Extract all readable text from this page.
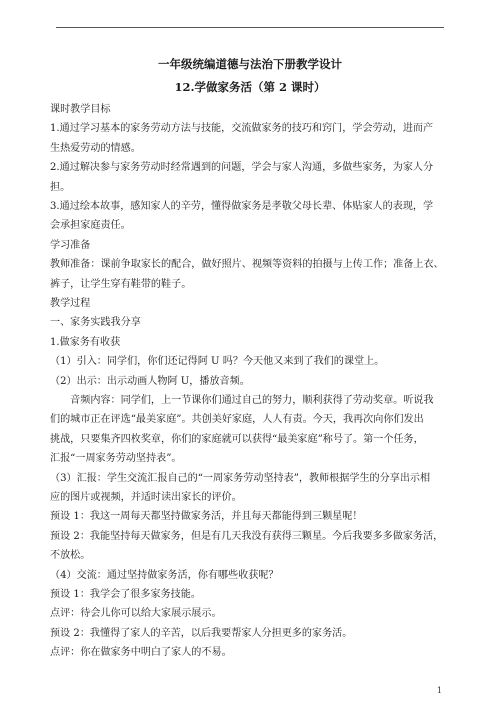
一年级统编道德与法治下册教学设计
12.学做家务活（第 2 课时）
课时教学目标
1.通过学习基本的家务劳动方法与技能，交流做家务的技巧和窍门，学会劳动，进而产
生热爱劳动的情感。
2.通过解决参与家务劳动时经常遇到的问题，学会与家人沟通，多做些家务，为家人分
担。
3.通过绘本故事，感知家人的辛劳，懂得做家务是孝敬父母长辈、体贴家人的表现，学
会承担家庭责任。
学习准备
教师准备：课前争取家长的配合，做好照片、视频等资料的拍摄与上传工作；准备上衣、
裤子，让学生穿有鞋带的鞋子。
教学过程
一、家务实践我分享
1.做家务有收获
（1）引入：同学们，你们还记得阿 U 吗？今天他又来到了我们的课堂上。
（2）出示：出示动画人物阿 U，播放音频。
　　音频内容：同学们，上一节课你们通过自己的努力，顺利获得了劳动奖章。听说我
们的城市正在评选“最美家庭”。共创美好家庭，人人有责。今天，我再次向你们发出
挑战，只要集齐四枚奖章，你们的家庭就可以获得“最美家庭”称号了。第一个任务，
汇报“一周家务劳动坚持表”。
（3）汇报：学生交流汇报自己的“一周家务劳动坚持表”，教师根据学生的分享出示相
应的图片或视频，并适时读出家长的评价。
预设 1：我这一周每天都坚持做家务活，并且每天都能得到三颗星呢！
预设 2：我能坚持每天做家务，但是有几天我没有获得三颗星。今后我要多多做家务活，
不放松。
（4）交流：通过坚持做家务活，你有哪些收获呢？
预设 1：我学会了很多家务技能。
点评：待会儿你可以给大家展示展示。
预设 2：我懂得了家人的辛苦，以后我要帮家人分担更多的家务活。
点评：你在做家务中明白了家人的不易。
1
